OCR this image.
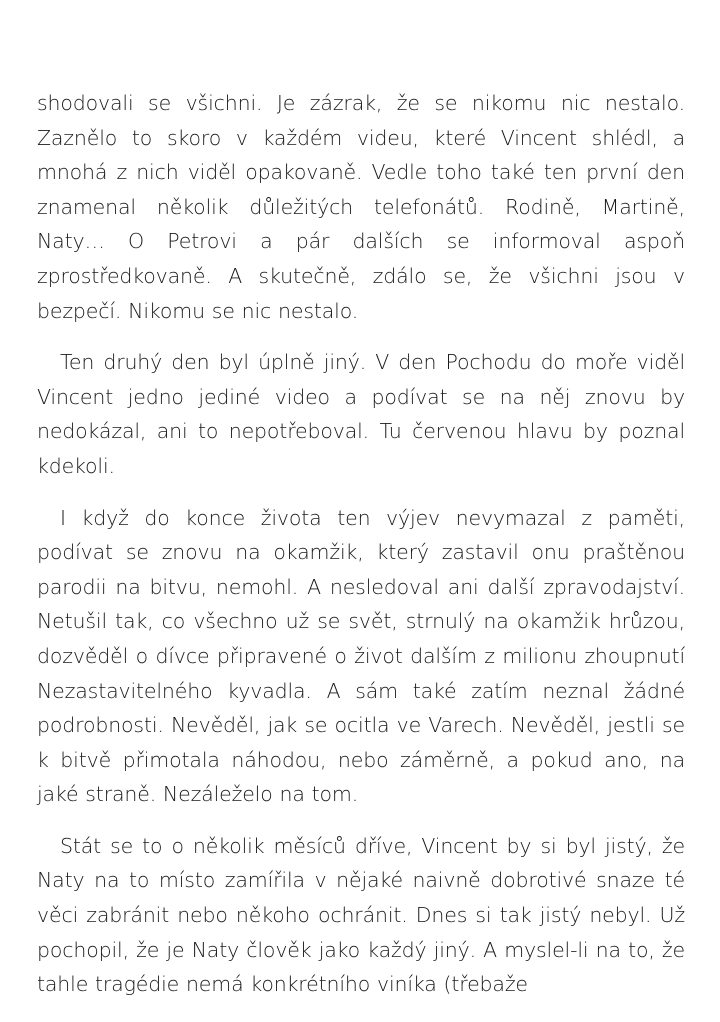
shodovali se všichni. Je zázrak, že se nikomu nic nestalo. Zaznělo to skoro v každém videu, které Vincent shlédl, a mnohá z nich viděl opakovaně. Vedle toho také ten první den znamenal několik důležitých telefonátů. Rodině, Martině, Naty… O Petrovi a pár dalších se informoval aspoň zprostředkovaně. A skutečně, zdálo se, že všichni jsou v bezpečí. Nikomu se nic nestalo.

Ten druhý den byl úplně jiný. V den Pochodu do moře viděl Vincent jedno jediné video a podívat se na něj znovu by nedokázal, ani to nepotřeboval. Tu červenou hlavu by poznal kdekoli.

I když do konce života ten výjev nevymazal z paměti, podívat se znovu na okamžik, který zastavil onu praštěnou parodii na bitvu, nemohl. A nesledoval ani další zpravodajství. Netušil tak, co všechno už se svět, strnulý na okamžik hrůzou, dozvěděl o dívce připravené o život dalším z milionu zhoupnutí Nezastavitelného kyvadla. A sám také zatím neznal žádné podrobnosti. Nevěděl, jak se ocitla ve Varech. Nevěděl, jestli se k bitvě přimotala náhodou, nebo záměrně, a pokud ano, na jaké straně. Nezáleželo na tom.

Stát se to o několik měsíců dříve, Vincent by si byl jistý, že Naty na to místo zamířila v nějaké naivně dobrotivé snaze té věci zabránit nebo někoho ochránit. Dnes si tak jistý nebyl. Už pochopil, že je Naty člověk jako každý jiný. A myslel-li na to, že tahle tragédie nemá konkrétního viníka (třebaže
